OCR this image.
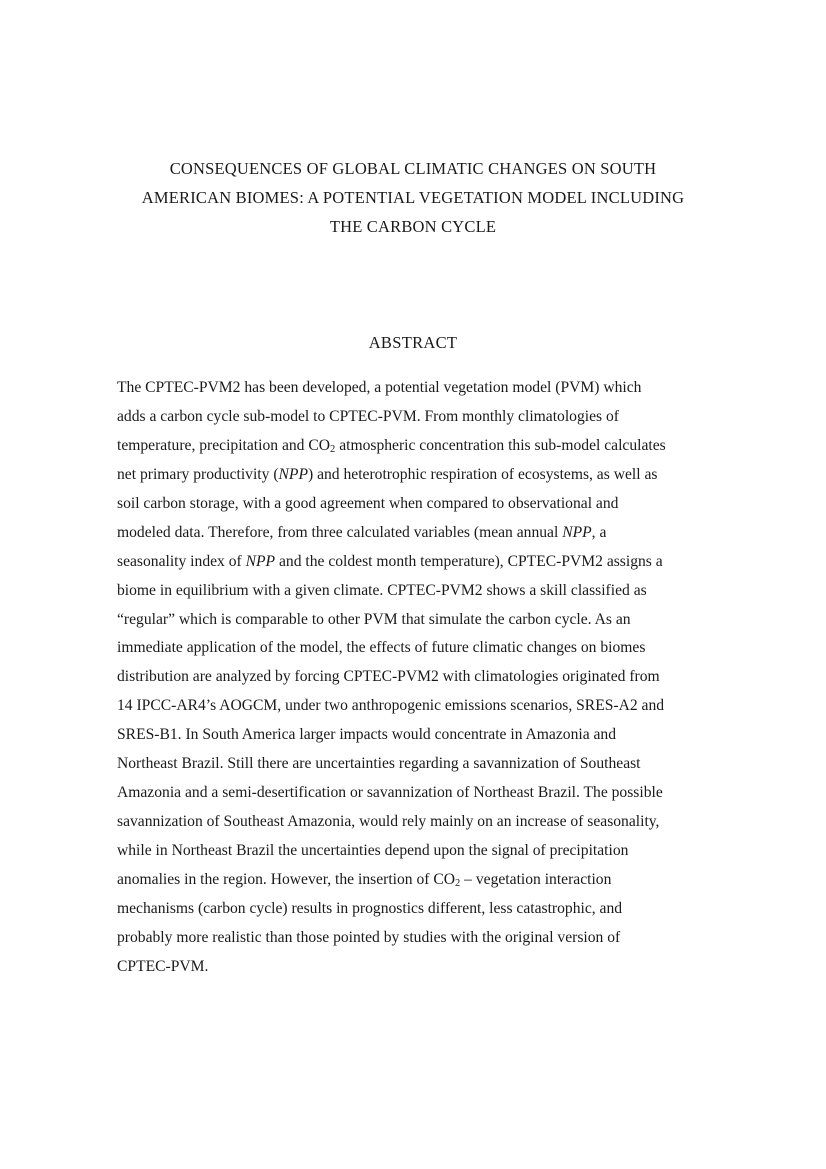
CONSEQUENCES OF GLOBAL CLIMATIC CHANGES ON SOUTH
AMERICAN BIOMES: A POTENTIAL VEGETATION MODEL INCLUDING
THE CARBON CYCLE
ABSTRACT
The CPTEC-PVM2 has been developed, a potential vegetation model (PVM) which
adds a carbon cycle sub-model to CPTEC-PVM. From monthly climatologies of
temperature, precipitation and $CO_2$ atmospheric concentration this sub-model calculates
net primary productivity (NPP) and heterotrophic respiration of ecosystems, as well as
soil carbon storage, with a good agreement when compared to observational and
modeled data. Therefore, from three calculated variables (mean annual NPP, a
seasonality index of NPP and the coldest month temperature), CPTEC-PVM2 assigns a
biome in equilibrium with a given climate. CPTEC-PVM2 shows a skill classified as
“regular” which is comparable to other PVM that simulate the carbon cycle. As an
immediate application of the model, the effects of future climatic changes on biomes
distribution are analyzed by forcing CPTEC-PVM2 with climatologies originated from
14 IPCC-AR4’s AOGCM, under two anthropogenic emissions scenarios, SRES-A2 and
SRES-B1. In South America larger impacts would concentrate in Amazonia and
Northeast Brazil. Still there are uncertainties regarding a savannization of Southeast
Amazonia and a semi-desertification or savannization of Northeast Brazil. The possible
savannization of Southeast Amazonia, would rely mainly on an increase of seasonality,
while in Northeast Brazil the uncertainties depend upon the signal of precipitation
anomalies in the region. However, the insertion of $CO_2$ – vegetation interaction
mechanisms (carbon cycle) results in prognostics different, less catastrophic, and
probably more realistic than those pointed by studies with the original version of
CPTEC-PVM.
